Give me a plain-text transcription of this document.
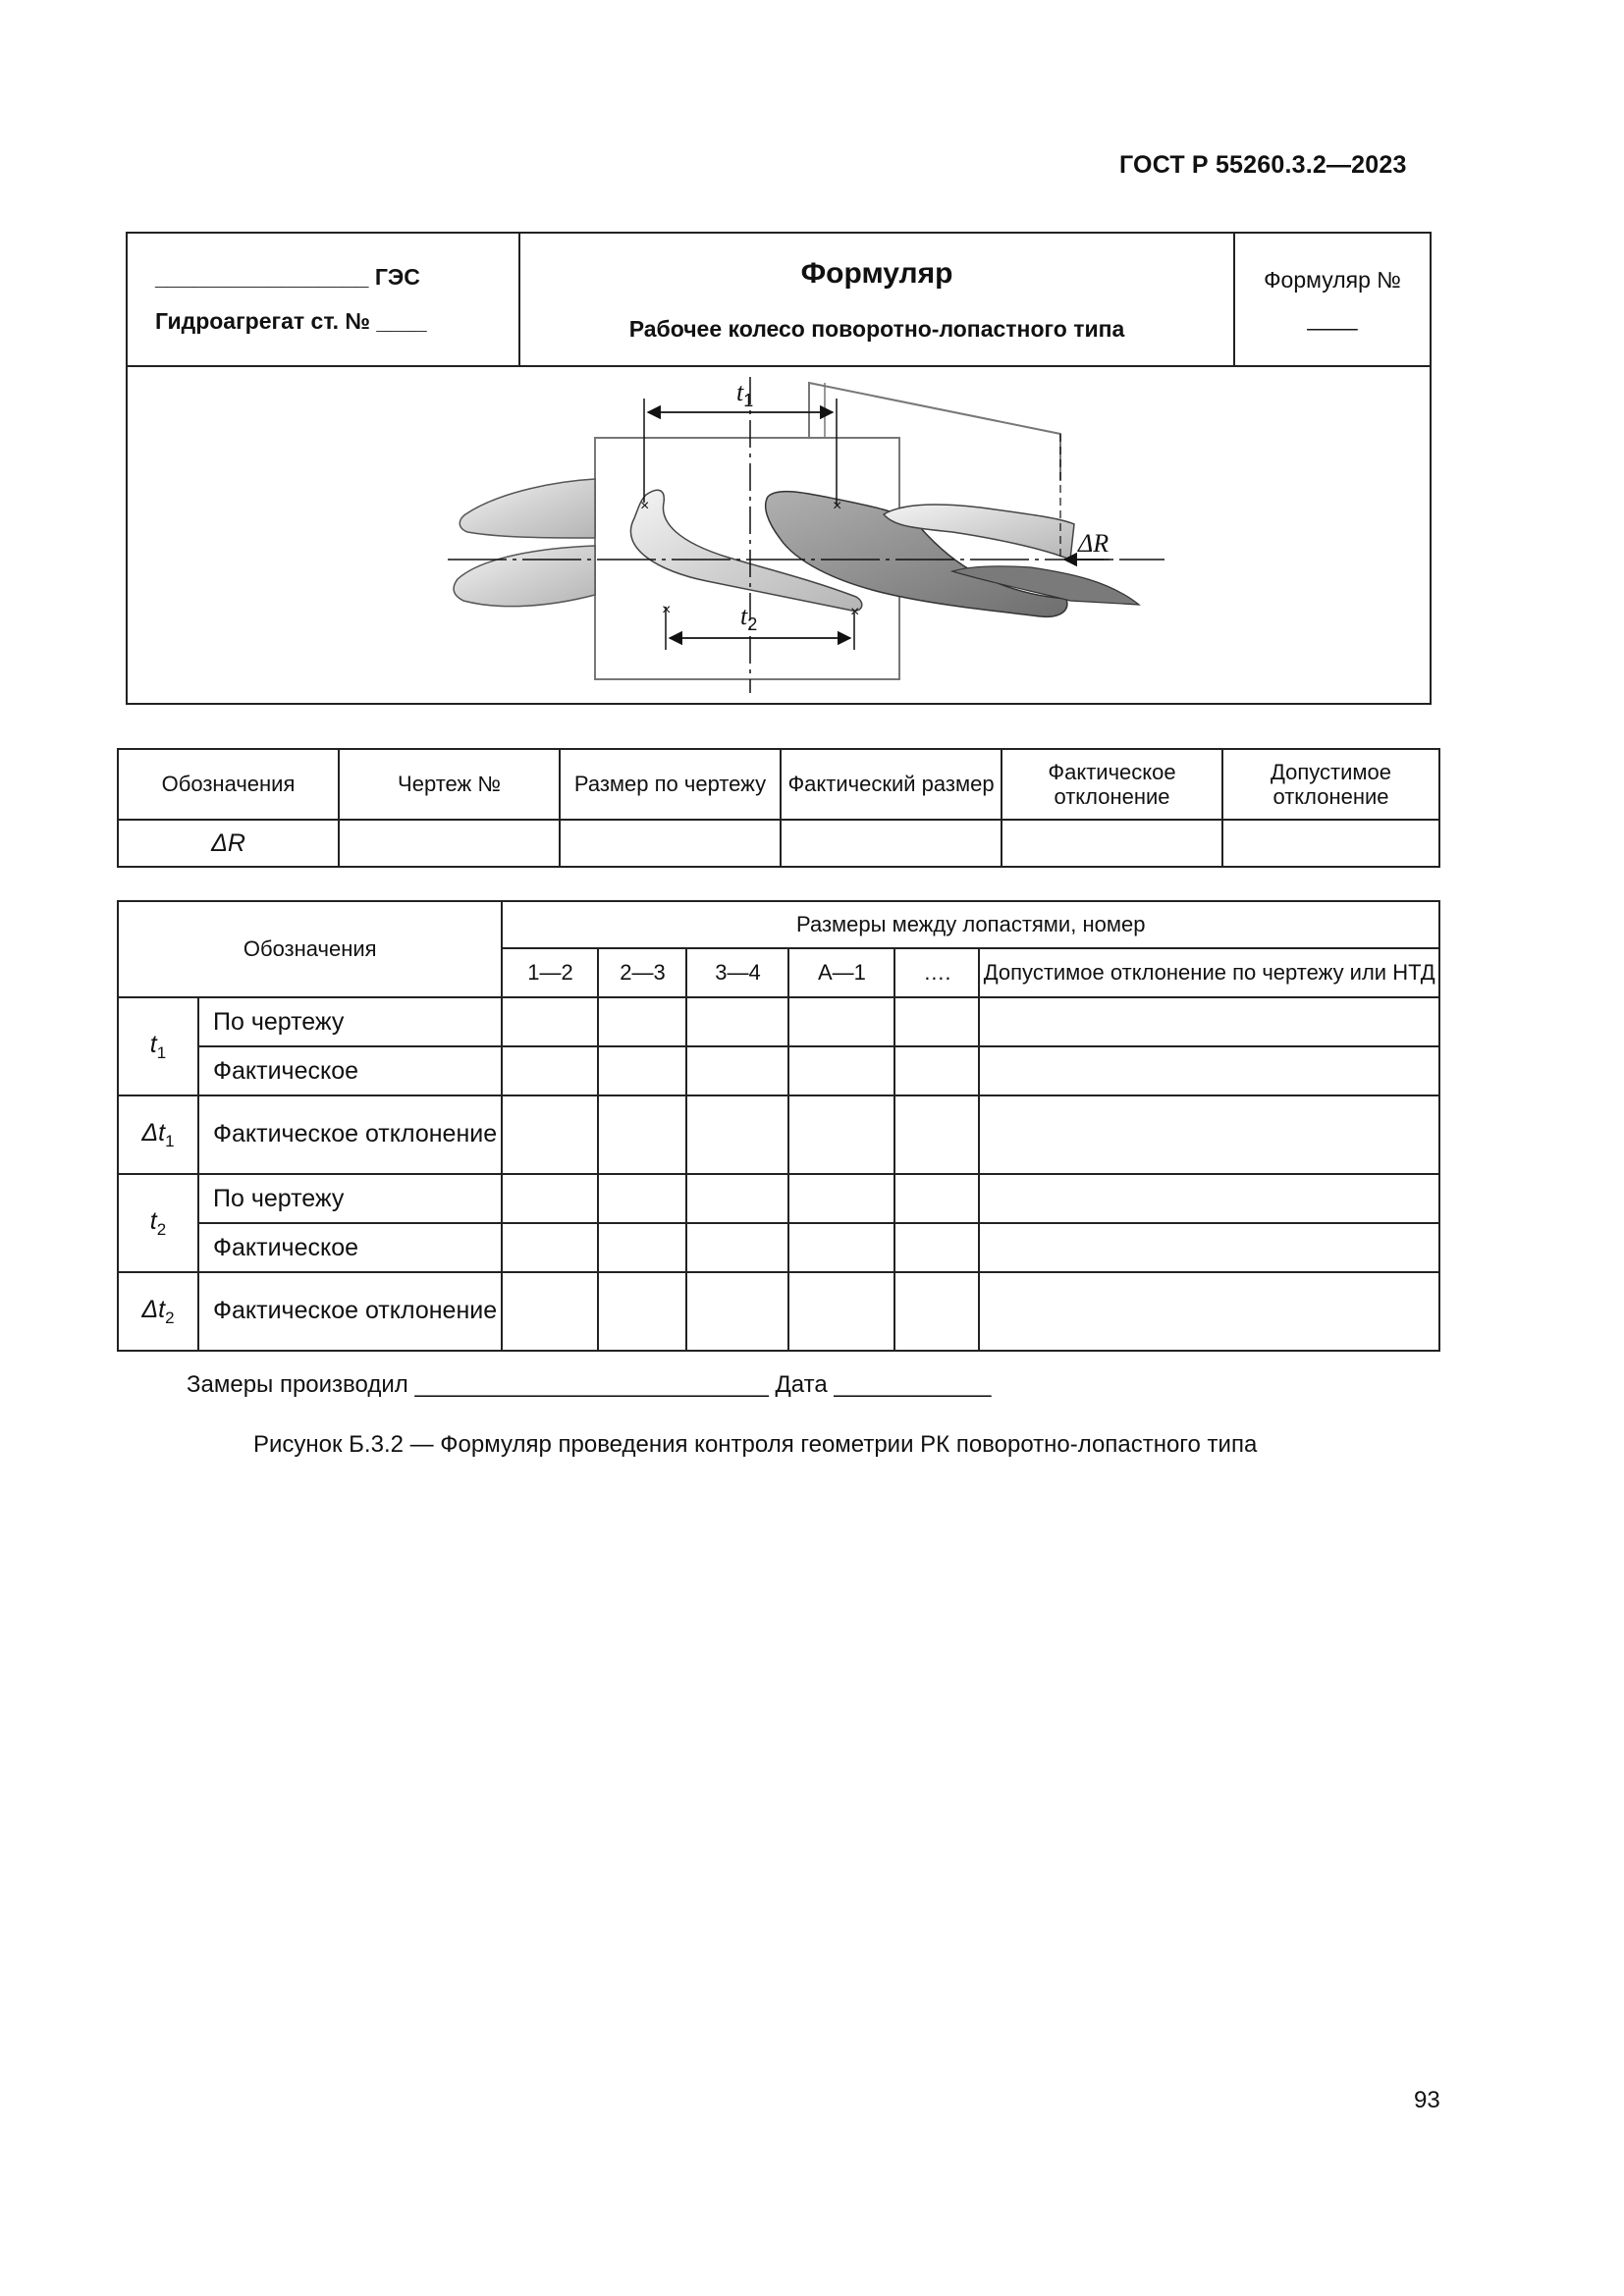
ГОСТ Р 55260.3.2—2023
_________________ ГЭС
Гидроагрегат ст. № ____

Формуляр
Рабочее колесо поворотно-лопастного типа

Формуляр №
____
$t_1$
$t_2$
ΔR
×	×
×	×
Обозначения	Чертеж №	Размер по чертежу	Фактический размер	Фактическое отклонение	Допустимое отклонение
ΔR					
Обозначения		Размеры между лопастями, номер					
		1—2	2—3	3—4	А—1	….	Допустимое отклонение по чертежу или НТД
$t_1$	По чертежу						
	Фактическое						
$\Delta t_1$	Фактическое отклонение						
$t_2$	По чертежу						
	Фактическое						
$\Delta t_2$	Фактическое отклонение						
Замеры производил ___________________________ Дата ____________
Рисунок Б.3.2 — Формуляр проведения контроля геометрии РК поворотно-лопастного типа
93
